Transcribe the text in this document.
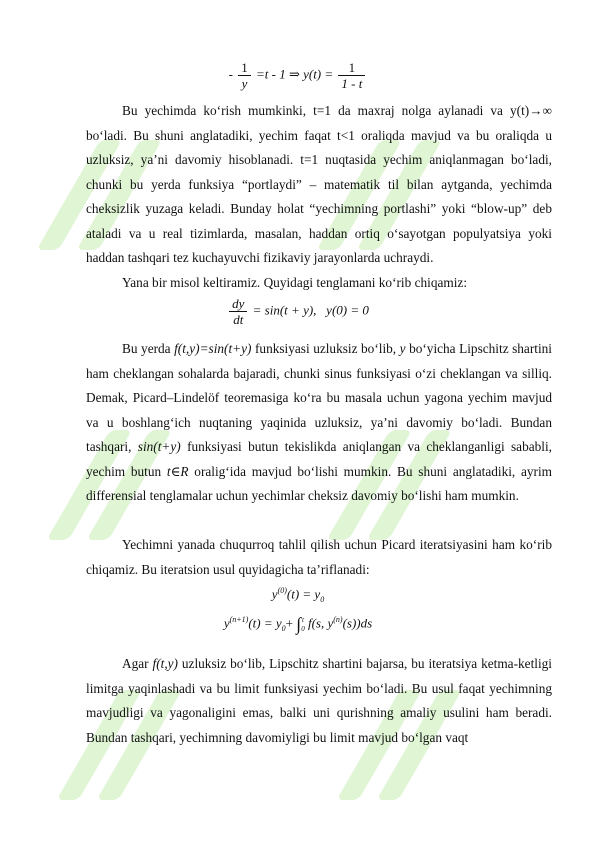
- $\frac{1}{y} =t - 1$ ⇒ $y(t) = \frac{1}{1 - t}$

Bu yechimda ko‘rish mumkinki, t=1 da maxraj nolga aylanadi va y(t)→∞ bo‘ladi. Bu shuni anglatadiki, yechim faqat t<1 oraliqda mavjud va bu oraliqda u uzluksiz, ya’ni davomiy hisoblanadi. t=1 nuqtasida yechim aniqlanmagan bo‘ladi, chunki bu yerda funksiya “portlaydi” – matematik til bilan aytganda, yechimda cheksizlik yuzaga keladi. Bunday holat “yechimning portlashi” yoki “blow-up” deb ataladi va u real tizimlarda, masalan, haddan ortiq o‘sayotgan populyatsiya yoki haddan tashqari tez kuchayuvchi fizikaviy jarayonlarda uchraydi.

Yana bir misol keltiramiz. Quyidagi tenglamani ko‘rib chiqamiz:

$\frac{dy}{dt} = \sin(t + y)$, y(0) = 0

Bu yerda f(t,y)=sin(t+y) funksiyasi uzluksiz bo‘lib, y bo‘yicha Lipschitz shartini ham cheklangan sohalarda bajaradi, chunki sinus funksiyasi o‘zi cheklangan va silliq. Demak, Picard–Lindelöf teoremasiga ko‘ra bu masala uchun yagona yechim mavjud va u boshlang‘ich nuqtaning yaqinida uzluksiz, ya’ni davomiy bo‘ladi. Bundan tashqari, sin(t+y) funksiyasi butun tekislikda aniqlangan va cheklanganligi sababli, yechim butun t∈R oralig‘ida mavjud bo‘lishi mumkin. Bu shuni anglatadiki, ayrim differensial tenglamalar uchun yechimlar cheksiz davomiy bo‘lishi ham mumkin.

Yechimni yanada chuqurroq tahlil qilish uchun Picard iteratsiyasini ham ko‘rib chiqamiz. Bu iteratsion usul quyidagicha ta’riflanadi:

$y^{(0)}(t) = y_0$
$y^{(n+1)}(t) = y_0+$ ∫ t
0 f(s, $y^{(n)}(s))ds$

Agar f(t,y) uzluksiz bo‘lib, Lipschitz shartini bajarsa, bu iteratsiya ketma-ketligi limitga yaqinlashadi va bu limit funksiyasi yechim bo‘ladi. Bu usul faqat yechimning mavjudligi va yagonaligini emas, balki uni qurishning amaliy usulini ham beradi. Bundan tashqari, yechimning davomiyligi bu limit mavjud bo‘lgan vaqt
